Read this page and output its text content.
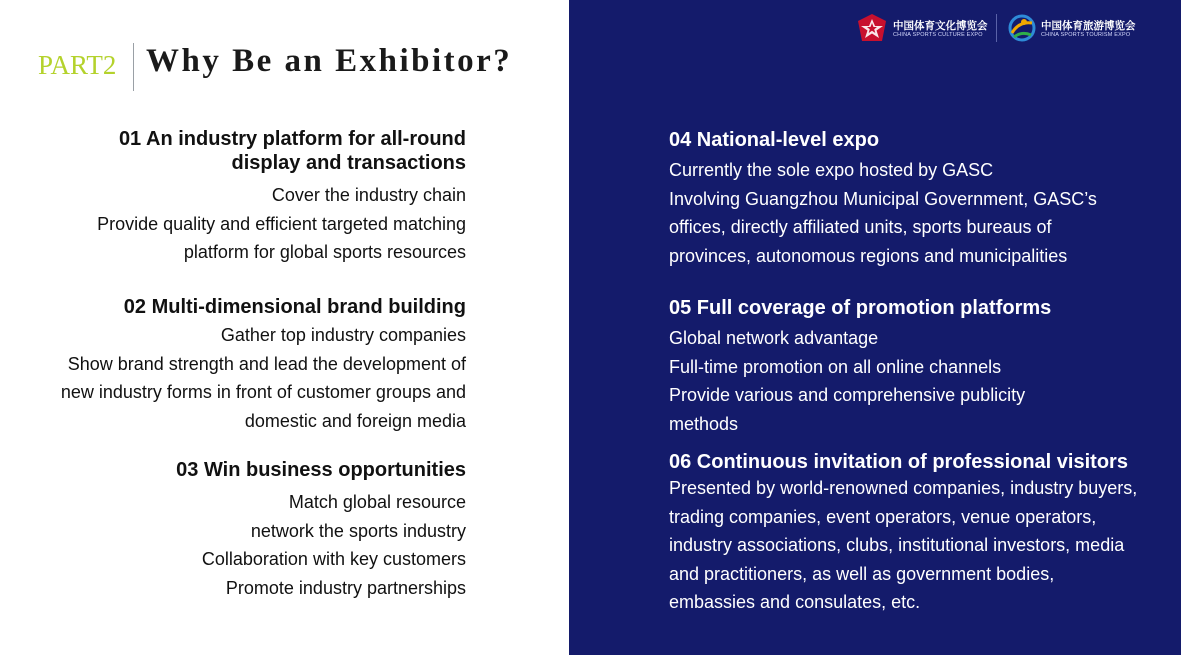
中国体育文化博览会
CHINA SPORTS CULTURE EXPO
中国体育旅游博览会
CHINA SPORTS TOURISM EXPO
PART2 Why Be an Exhibitor?
01 An industry platform for all-round
display and transactions
Cover the industry chain
Provide quality and efficient targeted matching
platform for global sports resources
02 Multi-dimensional brand building
Gather top industry companies
Show brand strength and lead the development of
new industry forms in front of customer groups and
domestic and foreign media
03 Win business opportunities
Match global resource
network the sports industry
Collaboration with key customers
Promote industry partnerships
04 National-level expo
Currently the sole expo hosted by GASC
Involving Guangzhou Municipal Government, GASC’s
offices, directly affiliated units, sports bureaus of
provinces, autonomous regions and municipalities
05 Full coverage of promotion platforms
Global network advantage
Full-time promotion on all online channels
Provide various and comprehensive publicity
methods
06 Continuous invitation of professional visitors
Presented by world-renowned companies, industry buyers,
trading companies, event operators, venue operators,
industry associations, clubs, institutional investors, media
and practitioners, as well as government bodies,
embassies and consulates, etc.
